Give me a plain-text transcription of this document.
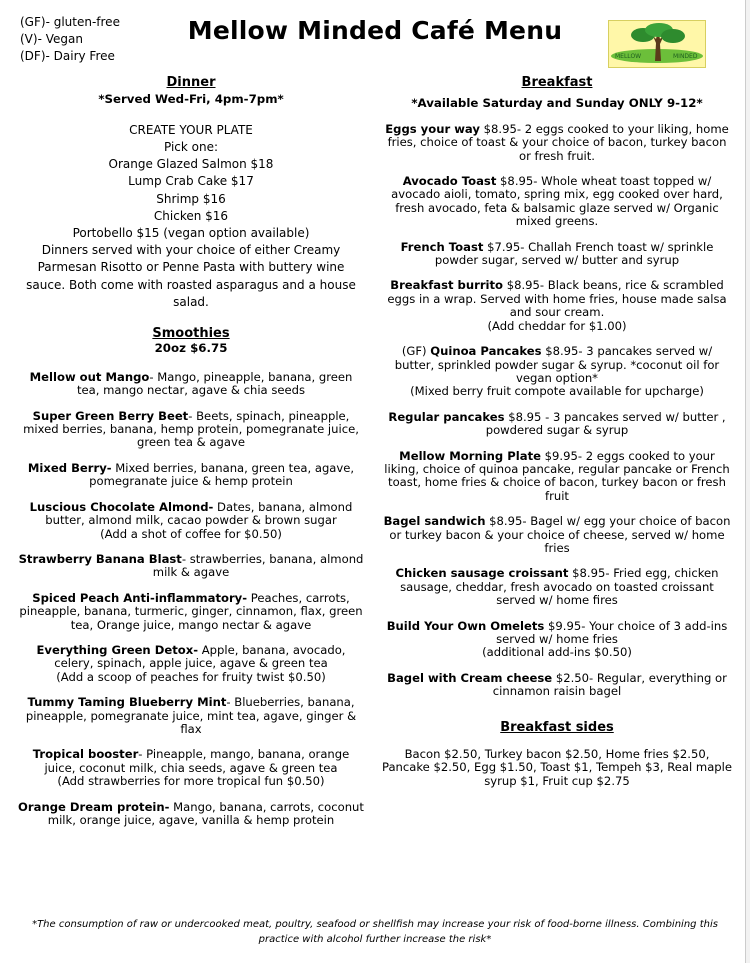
(GF)- gluten-free
(V)- Vegan
(DF)- Dairy Free
Mellow Minded Café Menu
MELLOW	MINDED
Dinner
*Served Wed-Fri, 4pm-7pm*
CREATE YOUR PLATE
Pick one:
Orange Glazed Salmon $18
Lump Crab Cake $17
Shrimp $16
Chicken $16
Portobello $15 (vegan option available)
Dinners served with your choice of either Creamy Parmesan Risotto or Penne Pasta with buttery wine sauce. Both come with roasted asparagus and a house salad.
Smoothies
20oz $6.75
Mellow out Mango- Mango, pineapple, banana, green tea, mango nectar, agave & chia seeds
Super Green Berry Beet- Beets, spinach, pineapple, mixed berries, banana, hemp protein, pomegranate juice, green tea & agave
Mixed Berry- Mixed berries, banana, green tea, agave, pomegranate juice & hemp protein
Luscious Chocolate Almond- Dates, banana, almond butter, almond milk, cacao powder & brown sugar
(Add a shot of coffee for $0.50)
Strawberry Banana Blast- strawberries, banana, almond milk & agave
Spiced Peach Anti-inflammatory- Peaches, carrots, pineapple, banana, turmeric, ginger, cinnamon, flax, green tea, Orange juice, mango nectar & agave
Everything Green Detox- Apple, banana, avocado, celery, spinach, apple juice, agave & green tea
(Add a scoop of peaches for fruity twist $0.50)
Tummy Taming Blueberry Mint- Blueberries, banana, pineapple, pomegranate juice, mint tea, agave, ginger & flax
Tropical booster- Pineapple, mango, banana, orange juice, coconut milk, chia seeds, agave & green tea
(Add strawberries for more tropical fun $0.50)
Orange Dream protein- Mango, banana, carrots, coconut milk, orange juice, agave, vanilla & hemp protein
Breakfast
*Available Saturday and Sunday ONLY 9-12*
Eggs your way $8.95- 2 eggs cooked to your liking, home fries, choice of toast & your choice of bacon, turkey bacon or fresh fruit.
Avocado Toast $8.95- Whole wheat toast topped w/ avocado aioli, tomato, spring mix, egg cooked over hard, fresh avocado, feta & balsamic glaze served w/ Organic mixed greens.
French Toast $7.95- Challah French toast w/ sprinkle powder sugar, served w/ butter and syrup
Breakfast burrito $8.95- Black beans, rice & scrambled eggs in a wrap. Served with home fries, house made salsa and sour cream.
(Add cheddar for $1.00)
(GF) Quinoa Pancakes $8.95- 3 pancakes served w/ butter, sprinkled powder sugar & syrup. *coconut oil for vegan option*
(Mixed berry fruit compote available for upcharge)
Regular pancakes $8.95 - 3 pancakes served w/ butter , powdered sugar & syrup
Mellow Morning Plate $9.95- 2 eggs cooked to your liking, choice of quinoa pancake, regular pancake or French toast, home fries & choice of bacon, turkey bacon or fresh fruit
Bagel sandwich $8.95- Bagel w/ egg your choice of bacon or turkey bacon & your choice of cheese, served w/ home fries
Chicken sausage croissant $8.95- Fried egg, chicken sausage, cheddar, fresh avocado on toasted croissant served w/ home fires
Build Your Own Omelets $9.95- Your choice of 3 add-ins served w/ home fries
(additional add-ins $0.50)
Bagel with Cream cheese $2.50- Regular, everything or cinnamon raisin bagel
Breakfast sides
Bacon $2.50, Turkey bacon $2.50, Home fries $2.50, Pancake $2.50, Egg $1.50, Toast $1, Tempeh $3, Real maple syrup $1, Fruit cup $2.75
*The consumption of raw or undercooked meat, poultry, seafood or shellfish may increase your risk of food-borne illness. Combining this practice with alcohol further increase the risk*
